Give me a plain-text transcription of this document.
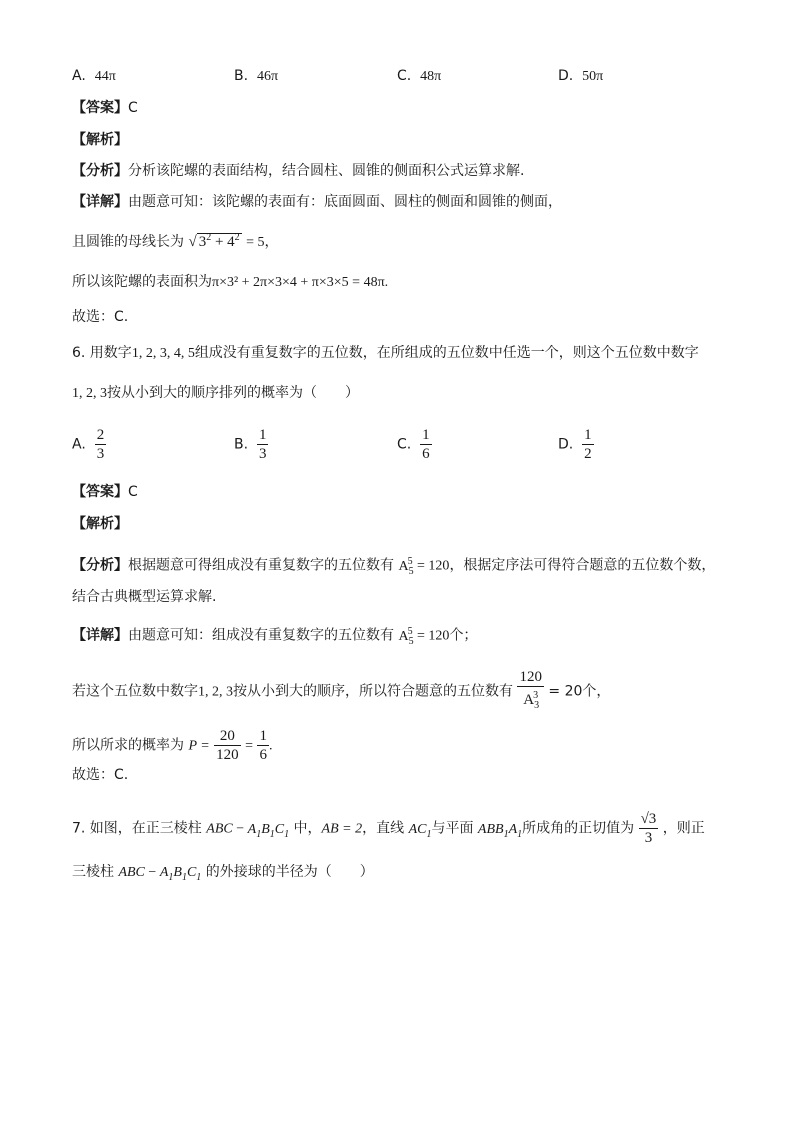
A. 44π	B. 46π	C. 48π	D. 50π
【答案】C
【解析】
【分析】分析该陀螺的表面结构，结合圆柱、圆锥的侧面积公式运算求解.
【详解】由题意可知：该陀螺的表面有：底面圆面、圆柱的侧面和圆锥的侧面，
且圆锥的母线长为 √ $3^2 + 4^2 = 5$，
所以该陀螺的表面积为π×3² + 2π×3×4 + π×3×5 = 48π.
故选：C.
6. 用数字1, 2, 3, 4, 5组成没有重复数字的五位数，在所组成的五位数中任选一个，则这个五位数中数字
1, 2, 3按从小到大的顺序排列的概率为（　　）
A. $\frac{2}{3}$	B. $\frac{1}{3}$	C. $\frac{1}{6}$	D. $\frac{1}{2}$
【答案】C
【解析】
【分析】根据题意可得组成没有重复数字的五位数有 $A_5^5 = 120$，根据定序法可得符合题意的五位数个数，
结合古典概型运算求解.
【详解】由题意可知：组成没有重复数字的五位数有 $A_5^5 = 120$个；
若这个五位数中数字1, 2, 3按从小到大的顺序，所以符合题意的五位数有 $\frac{120}{A_3^3} = 20$个，
所以所求的概率为 $P = \frac{20}{120} = \frac{1}{6}$ .
故选：C.
7. 如图，在正三棱柱 ABC − $A_1B_1C_1$ 中，AB = 2，直线 $AC_1$与平面 $ABB_1A_1$所成角的正切值为 $\frac{√3}{3}$ ，则正
三棱柱 ABC − $A_1B_1C_1$ 的外接球的半径为（　　）
